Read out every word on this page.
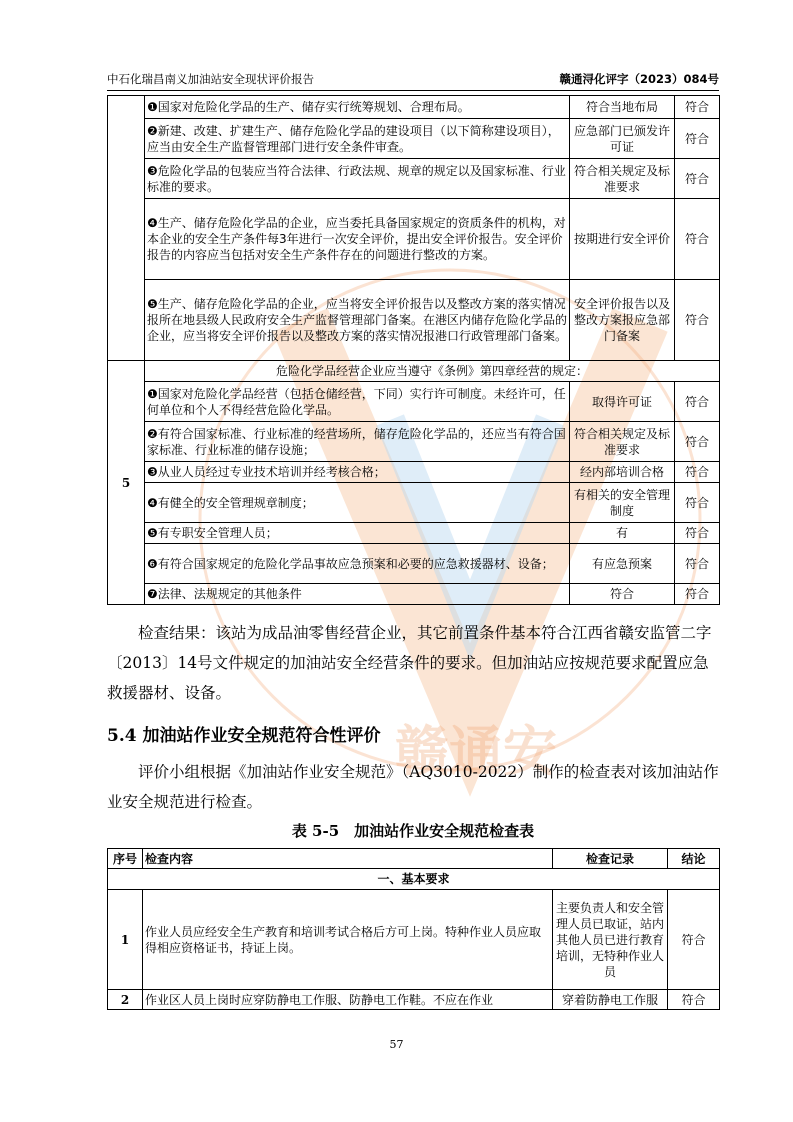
赣通安
中石化瑞昌南义加油站安全现状评价报告	赣通浔化评字（2023）084号
	❶国家对危险化学品的生产、储存实行统筹规划、合理布局。	符合当地布局	符合
	❷新建、改建、扩建生产、储存危险化学品的建设项目（以下简称建设项目），应当由安全生产监督管理部门进行安全条件审查。	应急部门已颁发许可证	符合
	❸危险化学品的包装应当符合法律、行政法规、规章的规定以及国家标准、行业标准的要求。	符合相关规定及标准要求	符合
	❹生产、储存危险化学品的企业，应当委托具备国家规定的资质条件的机构，对本企业的安全生产条件每3年进行一次安全评价，提出安全评价报告。安全评价报告的内容应当包括对安全生产条件存在的问题进行整改的方案。	按期进行安全评价	符合
	❺生产、储存危险化学品的企业，应当将安全评价报告以及整改方案的落实情况报所在地县级人民政府安全生产监督管理部门备案。在港区内储存危险化学品的企业，应当将安全评价报告以及整改方案的落实情况报港口行政管理部门备案。	安全评价报告以及整改方案报应急部门备案	符合
5	危险化学品经营企业应当遵守《条例》第四章经营的规定：		
	❶国家对危险化学品经营（包括仓储经营，下同）实行许可制度。未经许可，任何单位和个人不得经营危险化学品。	取得许可证	符合
	❷有符合国家标准、行业标准的经营场所，储存危险化学品的，还应当有符合国家标准、行业标准的储存设施；	符合相关规定及标准要求	符合
	❸从业人员经过专业技术培训并经考核合格；	经内部培训合格	符合
	❹有健全的安全管理规章制度；	有相关的安全管理制度	符合
	❺有专职安全管理人员；	有	符合
	❻有符合国家规定的危险化学品事故应急预案和必要的应急救援器材、设备；	有应急预案	符合
	❼法律、法规规定的其他条件	符合	符合
检查结果：该站为成品油零售经营企业，其它前置条件基本符合江西省赣安监管二字〔2013〕14号文件规定的加油站安全经营条件的要求。但加油站应按规范要求配置应急救援器材、设备。
5.4 加油站作业安全规范符合性评价
评价小组根据《加油站作业安全规范》（AQ3010-2022）制作的检查表对该加油站作业安全规范进行检查。
表 5-5　加油站作业安全规范检查表
序号	检查内容	检查记录	结论
一、基本要求			
1	作业人员应经安全生产教育和培训考试合格后方可上岗。特种作业人员应取得相应资格证书，持证上岗。	主要负责人和安全管理人员已取证，站内其他人员已进行教育培训，无特种作业人员	符合
2	作业区人员上岗时应穿防静电工作服、防静电工作鞋。不应在作业	穿着防静电工作服	符合
57
